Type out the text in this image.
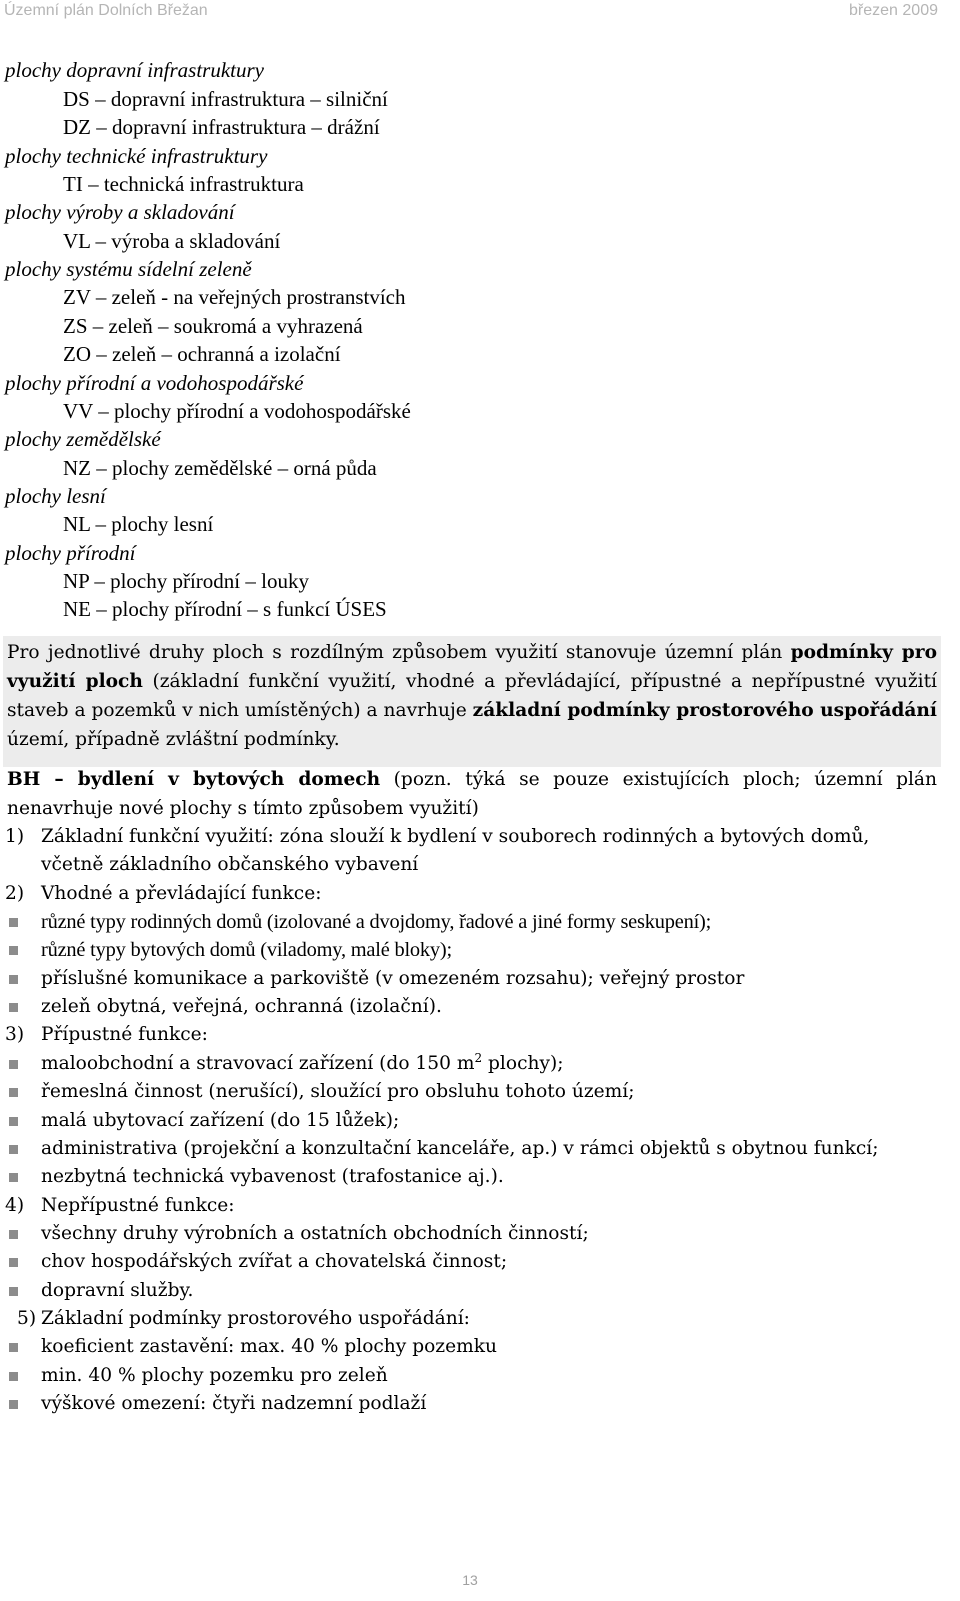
Územní plán Dolních Břežan	březen 2009
plochy dopravní infrastruktury
DS – dopravní infrastruktura – silniční
DZ – dopravní infrastruktura – drážní
plochy technické infrastruktury
TI – technická infrastruktura
plochy výroby a skladování
VL – výroba a skladování
plochy systému sídelní zeleně
ZV – zeleň - na veřejných prostranstvích
ZS – zeleň – soukromá a vyhrazená
ZO – zeleň – ochranná a izolační
plochy přírodní a vodohospodářské
VV – plochy přírodní a vodohospodářské
plochy zemědělské
NZ – plochy zemědělské – orná půda
plochy lesní
NL – plochy lesní
plochy přírodní
NP – plochy přírodní – louky
NE – plochy přírodní – s funkcí ÚSES
Pro jednotlivé druhy ploch s rozdílným způsobem využití stanovuje územní plán podmínky pro využití ploch (základní funkční využití, vhodné a převládající, přípustné a nepřípustné využití staveb a pozemků v nich umístěných) a navrhuje základní podmínky prostorového uspořádání území, případně zvláštní podmínky.
BH – bydlení v bytových domech (pozn. týká se pouze existujících ploch; územní plán nenavrhuje nové plochy s tímto způsobem využití)
1) Základní funkční využití: zóna slouží k bydlení v souborech rodinných a bytových domů,
včetně základního občanského vybavení
2) Vhodné a převládající funkce:
různé typy rodinných domů (izolované a dvojdomy, řadové a jiné formy seskupení);
různé typy bytových domů (viladomy, malé bloky);
příslušné komunikace a parkoviště (v omezeném rozsahu); veřejný prostor
zeleň obytná, veřejná, ochranná (izolační).
3) Přípustné funkce:
maloobchodní a stravovací zařízení (do 150 $m^2$ plochy);
řemeslná činnost (nerušící), sloužící pro obsluhu tohoto území;
malá ubytovací zařízení (do 15 lůžek);
administrativa (projekční a konzultační kanceláře, ap.) v rámci objektů s obytnou funkcí;
nezbytná technická vybavenost (trafostanice aj.).
4) Nepřípustné funkce:
všechny druhy výrobních a ostatních obchodních činností;
chov hospodářských zvířat a chovatelská činnost;
dopravní služby.
5) Základní podmínky prostorového uspořádání:
koeficient zastavění: max. 40 % plochy pozemku
min. 40 % plochy pozemku pro zeleň
výškové omezení: čtyři nadzemní podlaží
13
